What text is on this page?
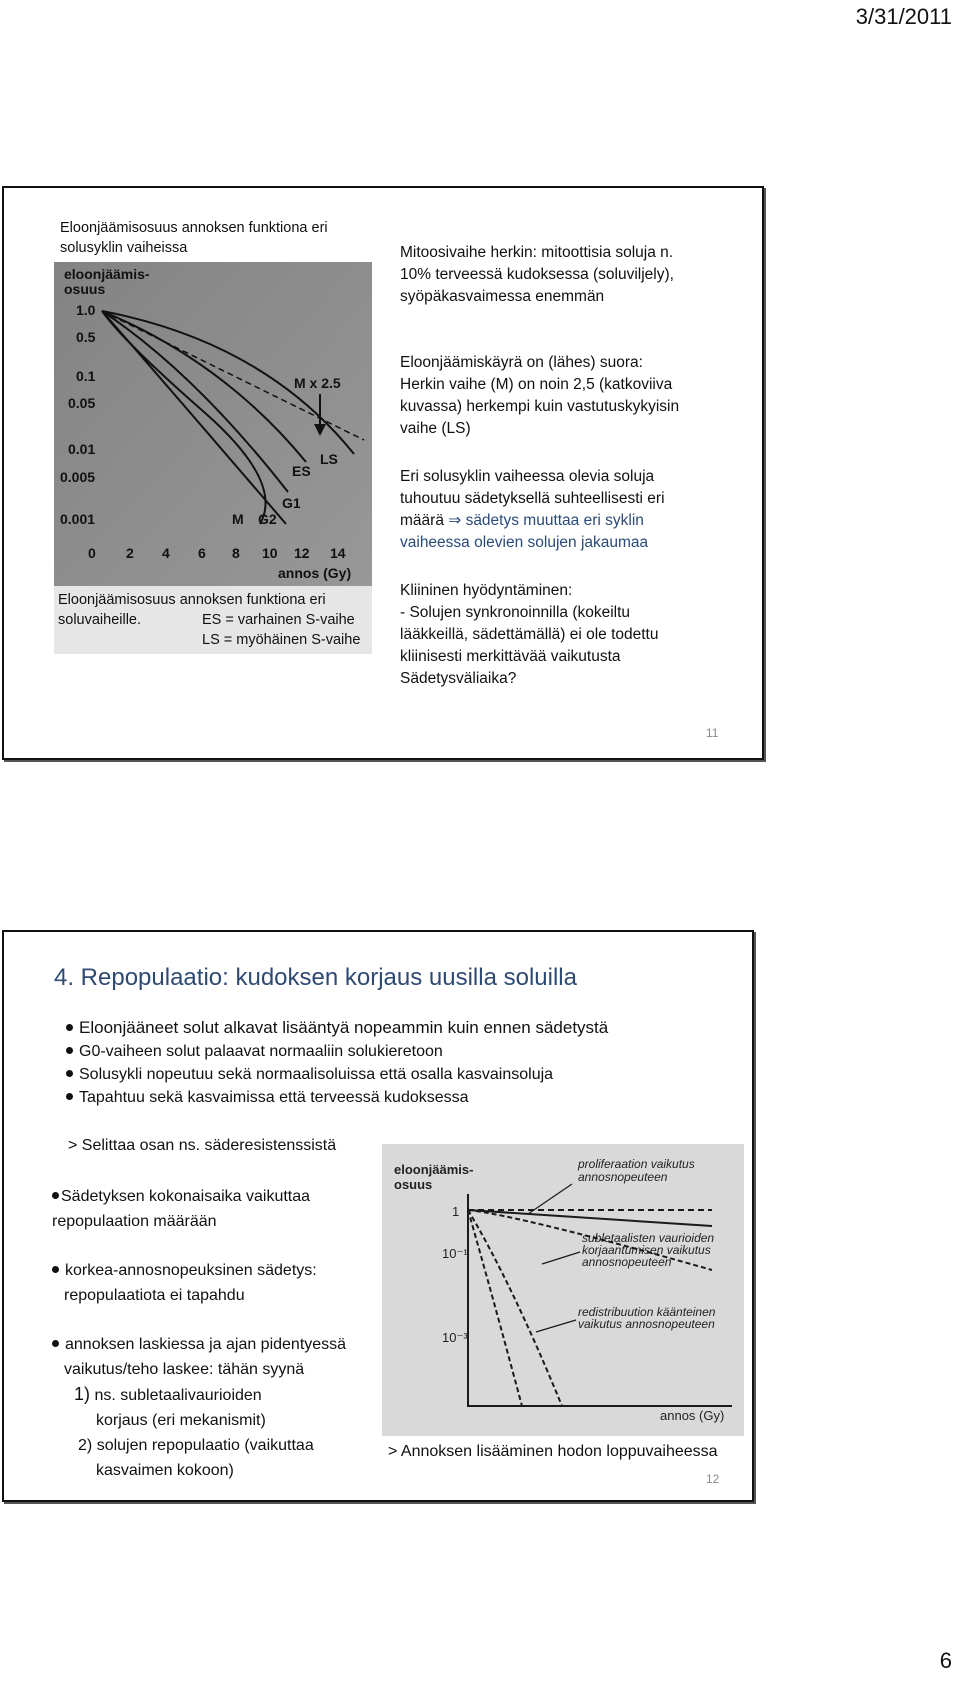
3/31/2011
Eloonjäämisosuus annoksen funktiona eri
solusyklin vaiheissa
eloonjäämis-
osuus
1.0
0.5
0.1
0.05
0.01
0.005
0.001
0 2 4 6 8 10 12 14
annos (Gy)
M G2
G1
ES
LS
M x 2.5
Eloonjäämisosuus annoksen funktiona eri
soluvaiheille.	ES = varhainen S-vaihe
LS = myöhäinen S-vaihe
Mitoosivaihe herkin: mitoottisia soluja n.
10% terveessä kudoksessa (soluviljely),
syöpäkasvaimessa enemmän
Eloonjäämiskäyrä on (lähes) suora:
Herkin vaihe (M) on noin 2,5 (katkoviiva
kuvassa) herkempi kuin vastutuskykyisin
vaihe (LS)
Eri solusyklin vaiheessa olevia soluja
tuhoutuu sädetyksellä suhteellisesti eri
määrä ⇒ sädetys muuttaa eri syklin
vaiheessa olevien solujen jakaumaa
Kliininen hyödyntäminen:
- Solujen synkronoinnilla (kokeiltu
lääkkeillä, sädettämällä) ei ole todettu
kliinisesti merkittävää vaikutusta
Sädetysväliaika?
11
4. Repopulaatio: kudoksen korjaus uusilla soluilla
Eloonjääneet solut alkavat lisääntyä nopeammin kuin ennen sädetystä
G0-vaiheen solut palaavat normaaliin solukieretoon
Solusykli nopeutuu sekä normaalisoluissa että osalla kasvainsoluja
Tapahtuu sekä kasvaimissa että terveessä kudoksessa
> Selittaa osan ns. säderesistenssistä
Sädetyksen kokonaisaika vaikuttaa
repopulaation määrään
korkea-annosnopeuksinen sädetys:
repopulaatiota ei tapahdu
annoksen laskiessa ja ajan pidentyessä
vaikutus/teho laskee: tähän syynä
1) ns. subletaalivaurioiden
korjaus (eri mekanismit)
2) solujen repopulaatio (vaikuttaa
kasvaimen kokoon)
eloonjäämis-
osuus
1
10⁻¹
10⁻³
annos (Gy)
proliferaation vaikutus
annosnopeuteen
subletaalisten vaurioiden
korjaantumisen vaikutus
annosnopeuteen
redistribuution käänteinen
vaikutus annosnopeuteen
> Annoksen lisääminen hodon loppuvaiheessa
12
6
